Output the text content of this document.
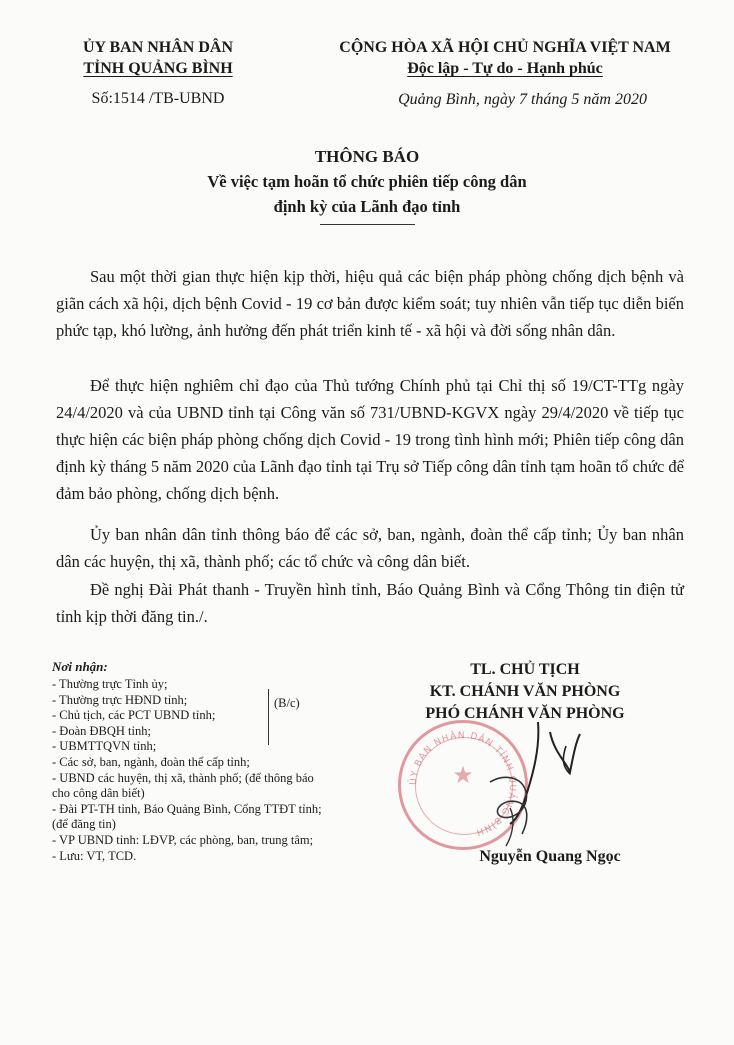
ỦY BAN NHÂN DÂN
TỈNH QUẢNG BÌNH
Số:1514 /TB-UBND
CỘNG HÒA XÃ HỘI CHỦ NGHĨA VIỆT NAM
Độc lập - Tự do - Hạnh phúc
Quảng Bình, ngày 7 tháng 5 năm 2020
THÔNG BÁO
Về việc tạm hoãn tổ chức phiên tiếp công dân
định kỳ của Lãnh đạo tỉnh
Sau một thời gian thực hiện kịp thời, hiệu quả các biện pháp phòng chống dịch bệnh và giãn cách xã hội, dịch bệnh Covid - 19 cơ bản được kiểm soát; tuy nhiên vẫn tiếp tục diễn biến phức tạp, khó lường, ảnh hưởng đến phát triển kinh tế - xã hội và đời sống nhân dân.
Để thực hiện nghiêm chỉ đạo của Thủ tướng Chính phủ tại Chỉ thị số 19/CT-TTg ngày 24/4/2020 và của UBND tỉnh tại Công văn số 731/UBND-KGVX ngày 29/4/2020 về tiếp tục thực hiện các biện pháp phòng chống dịch Covid - 19 trong tình hình mới; Phiên tiếp công dân định kỳ tháng 5 năm 2020 của Lãnh đạo tỉnh tại Trụ sở Tiếp công dân tỉnh tạm hoãn tổ chức để đảm bảo phòng, chống dịch bệnh.
Ủy ban nhân dân tỉnh thông báo để các sở, ban, ngành, đoàn thể cấp tỉnh; Ủy ban nhân dân các huyện, thị xã, thành phố; các tổ chức và công dân biết.
Đề nghị Đài Phát thanh - Truyền hình tỉnh, Báo Quảng Bình và Cổng Thông tin điện tử tỉnh kịp thời đăng tin./.
Nơi nhận:
- Thường trực Tỉnh ủy;
- Thường trực HĐND tỉnh;
- Chủ tịch, các PCT UBND tỉnh;
- Đoàn ĐBQH tỉnh;
- UBMTTQVN tỉnh;
- Các sở, ban, ngành, đoàn thể cấp tỉnh;
- UBND các huyện, thị xã, thành phố; (để thông báo
cho công dân biết)
- Đài PT-TH tỉnh, Báo Quảng Bình, Cổng TTĐT tỉnh;
(để đăng tin)
- VP UBND tỉnh: LĐVP, các phòng, ban, trung tâm;
- Lưu: VT, TCD.
(B/c)
TL. CHỦ TỊCH
KT. CHÁNH VĂN PHÒNG
PHÓ CHÁNH VĂN PHÒNG
ỦY BAN NHÂN DÂN TỈNH QUẢNG BÌNH
★
Nguyễn Quang Ngọc
